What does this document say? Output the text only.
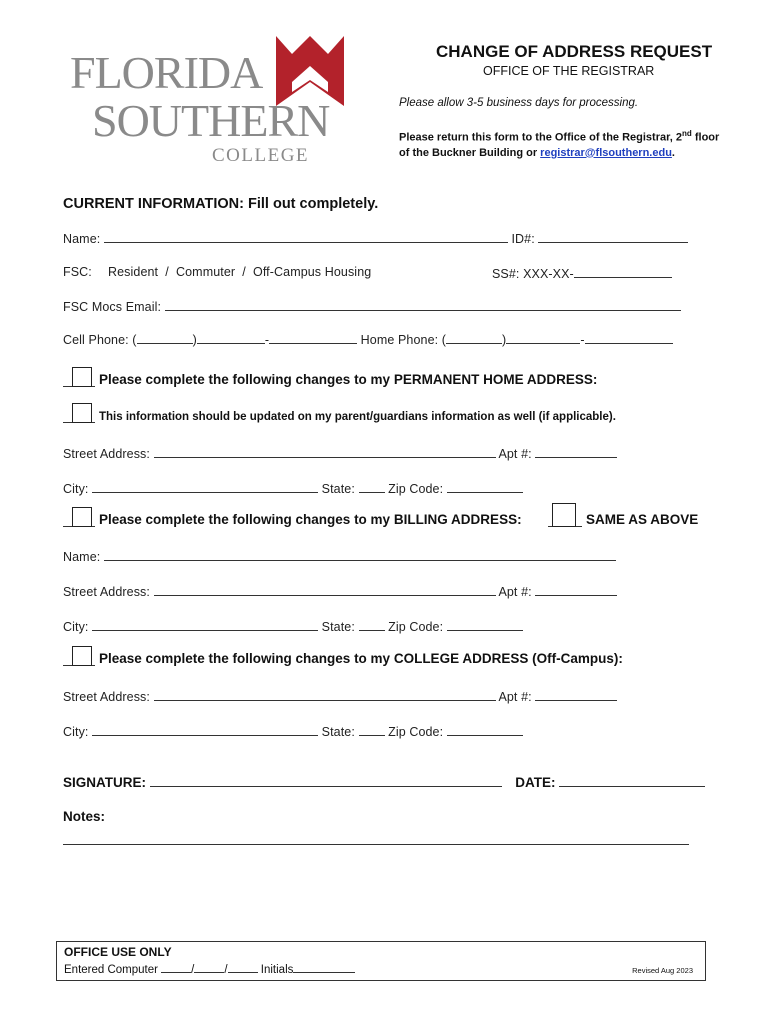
FLORIDA
SOUTHERN
COLLEGE
CHANGE OF ADDRESS REQUEST
OFFICE OF THE REGISTRAR
Please allow 3-5 business days for processing.
Please return this form to the Office of the Registrar, 2nd floor
of the Buckner Building or registrar@flsouthern.edu.
CURRENT INFORMATION: Fill out completely.
Name:	ID#:
FSC: Resident  /  Commuter  /  Off-Campus Housing	SS#: XXX-XX-
FSC Mocs Email:
Cell Phone: (	)	-	Home Phone: (	)	-
Please complete the following changes to my PERMANENT HOME ADDRESS:
This information should be updated on my parent/guardians information as well (if applicable).
Street Address:	Apt #:
City:	State:	Zip Code:
Please complete the following changes to my BILLING ADDRESS:	SAME AS ABOVE
Name:
Street Address:	Apt #:
City:	State:	Zip Code:
Please complete the following changes to my COLLEGE ADDRESS (Off-Campus):
Street Address:	Apt #:
City:	State:	Zip Code:
SIGNATURE:	DATE:
Notes:
OFFICE USE ONLY
Entered Computer	/	/	Initials	Revised Aug 2023
